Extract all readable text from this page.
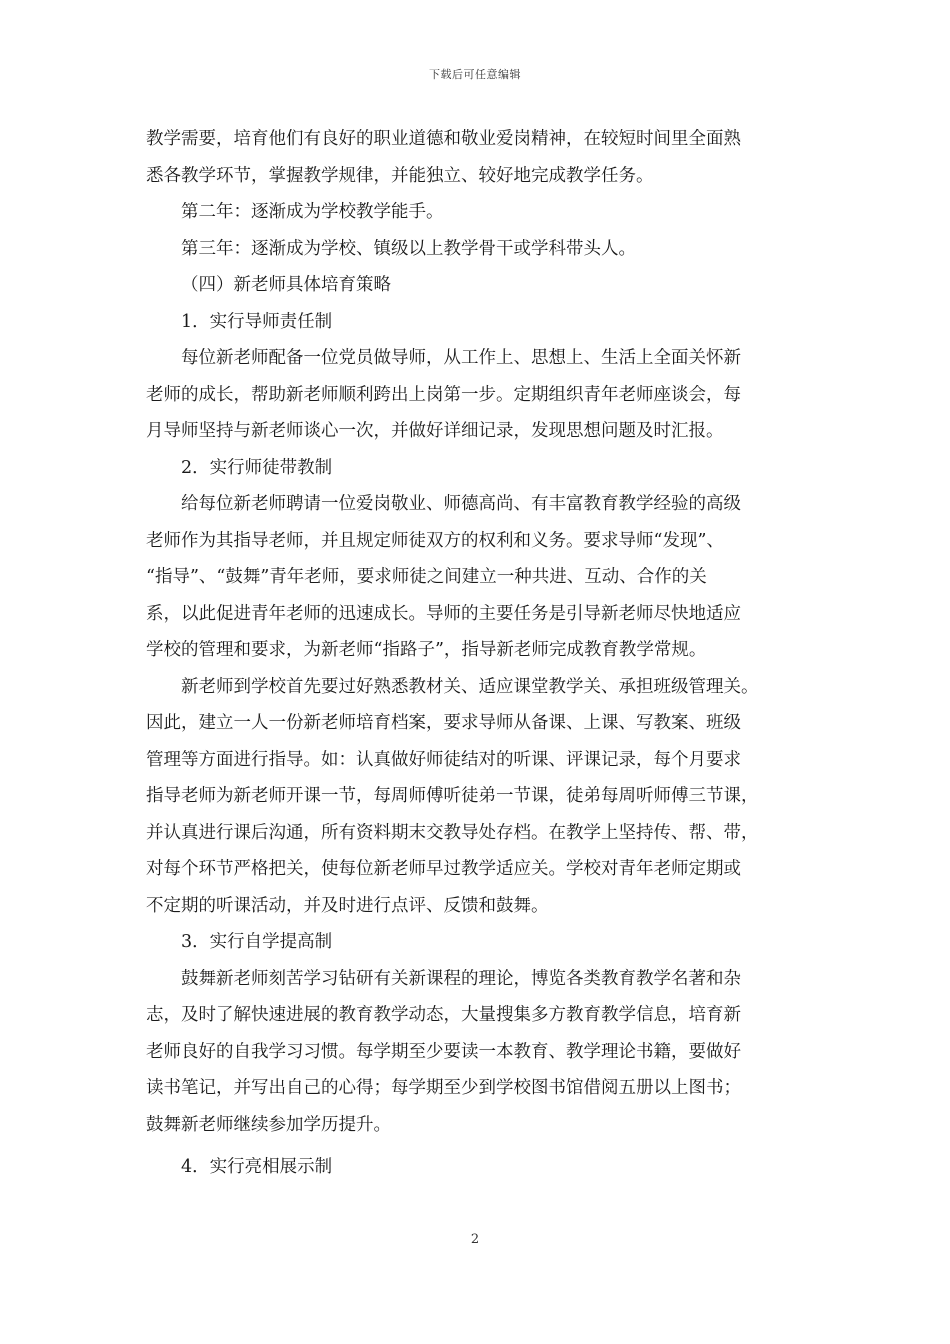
下载后可任意编辑
教学需要，培育他们有良好的职业道德和敬业爱岗精神，在较短时间里全面熟
悉各教学环节，掌握教学规律，并能独立、较好地完成教学任务。
第二年：逐渐成为学校教学能手。
第三年：逐渐成为学校、镇级以上教学骨干或学科带头人。
（四）新老师具体培育策略
1．实行导师责任制
每位新老师配备一位党员做导师，从工作上、思想上、生活上全面关怀新
老师的成长，帮助新老师顺利跨出上岗第一步。定期组织青年老师座谈会，每
月导师坚持与新老师谈心一次，并做好详细记录，发现思想问题及时汇报。
2．实行师徒带教制
给每位新老师聘请一位爱岗敬业、师德高尚、有丰富教育教学经验的高级
老师作为其指导老师，并且规定师徒双方的权利和义务。要求导师“发现”、
“指导”、“鼓舞”青年老师，要求师徒之间建立一种共进、互动、合作的关
系，以此促进青年老师的迅速成长。导师的主要任务是引导新老师尽快地适应
学校的管理和要求，为新老师“指路子”，指导新老师完成教育教学常规。
新老师到学校首先要过好熟悉教材关、适应课堂教学关、承担班级管理关。
因此，建立一人一份新老师培育档案，要求导师从备课、上课、写教案、班级
管理等方面进行指导。如：认真做好师徒结对的听课、评课记录，每个月要求
指导老师为新老师开课一节，每周师傅听徒弟一节课，徒弟每周听师傅三节课，
并认真进行课后沟通，所有资料期末交教导处存档。在教学上坚持传、帮、带，
对每个环节严格把关，使每位新老师早过教学适应关。学校对青年老师定期或
不定期的听课活动，并及时进行点评、反馈和鼓舞。
3．实行自学提高制
鼓舞新老师刻苦学习钻研有关新课程的理论，博览各类教育教学名著和杂
志，及时了解快速进展的教育教学动态，大量搜集多方教育教学信息，培育新
老师良好的自我学习习惯。每学期至少要读一本教育、教学理论书籍，要做好
读书笔记，并写出自己的心得；每学期至少到学校图书馆借阅五册以上图书；
鼓舞新老师继续参加学历提升。
4．实行亮相展示制
2
